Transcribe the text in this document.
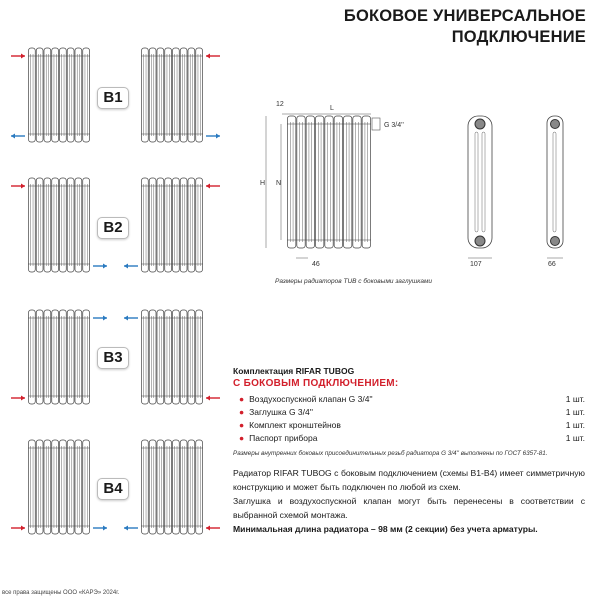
12
L
G 3/4''
H N
46	107	66
БОКОВОЕ УНИВЕРСАЛЬНОЕ
ПОДКЛЮЧЕНИЕ
B1
B2
B3
B4
Размеры радиаторов TUB с боковыми заглушками
Комплектация RIFAR TUBOG
С БОКОВЫМ ПОДКЛЮЧЕНИЕМ:
● Воздухоспускной клапан G 3/4''	1 шт.
● Заглушка G 3/4''	1 шт.
● Комплект кронштейнов	1 шт.
● Паспорт прибора	1 шт.
Размеры внутренних боковых присоединительных резьб радиатора G 3/4'' выполнены по ГОСТ 6357-81.

Радиатор RIFAR TUBOG с боковым подключением (схемы В1-В4) имеет симметричную конструкцию и может быть подключен по любой из схем.

Заглушка и воздухоспускной клапан могут быть перенесены в соответствии с выбранной схемой монтажа.

Минимальная длина радиатора – 98 мм (2 секции) без учета арматуры.

все права защищены ООО «КАРЭ» 2024г.
